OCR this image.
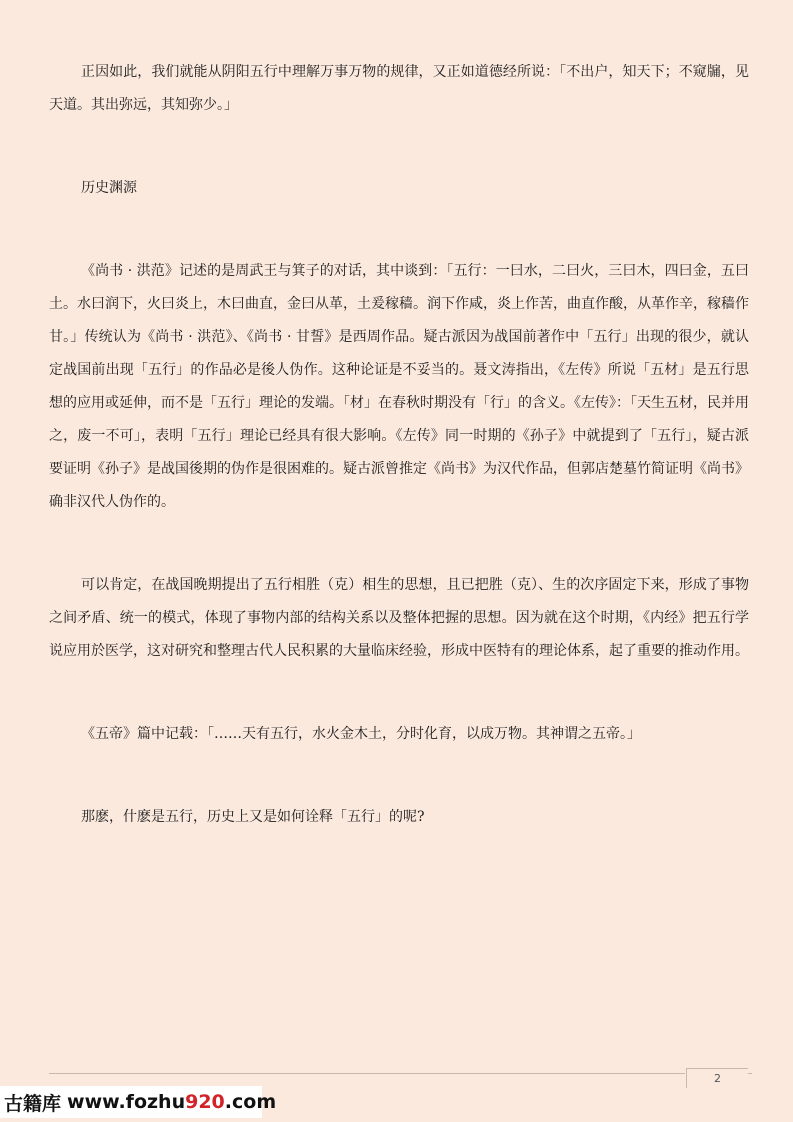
正因如此，我们就能从阴阳五行中理解万事万物的规律，又正如道德经所说：「不出户，知天下；不窥牖，见天道。其出弥远，其知弥少。」

历史渊源

《尚书 · 洪范》记述的是周武王与箕子的对话，其中谈到：「五行：一曰水，二曰火，三曰木，四曰金，五曰土。水曰润下，火曰炎上，木曰曲直，金曰从革，土爰稼穑。润下作咸，炎上作苦，曲直作酸，从革作辛，稼穑作甘。」传统认为《尚书 · 洪范》、《尚书 · 甘誓》是西周作品。疑古派因为战国前著作中「五行」出现的很少，就认定战国前出现「五行」的作品必是後人伪作。这种论证是不妥当的。聂文涛指出，《左传》所说「五材」是五行思想的应用或延伸，而不是「五行」理论的发端。「材」在春秋时期没有「行」的含义。《左传》：「天生五材，民并用之，废一不可」，表明「五行」理论已经具有很大影响。《左传》同一时期的《孙子》中就提到了「五行」，疑古派要证明《孙子》是战国後期的伪作是很困难的。疑古派曾推定《尚书》为汉代作品，但郭店楚墓竹简证明《尚书》确非汉代人伪作的。

可以肯定，在战国晚期提出了五行相胜（克）相生的思想，且已把胜（克）、生的次序固定下来，形成了事物之间矛盾、统一的模式，体现了事物内部的结构关系以及整体把握的思想。因为就在这个时期，《内经》把五行学说应用於医学，这对研究和整理古代人民积累的大量临床经验，形成中医特有的理论体系，起了重要的推动作用。

《五帝》篇中记载：「……天有五行，水火金木土，分时化育，以成万物。其神谓之五帝。」

那麽，什麽是五行，历史上又是如何诠释「五行」的呢?

2
古籍库 www.fozhu 920 .com
